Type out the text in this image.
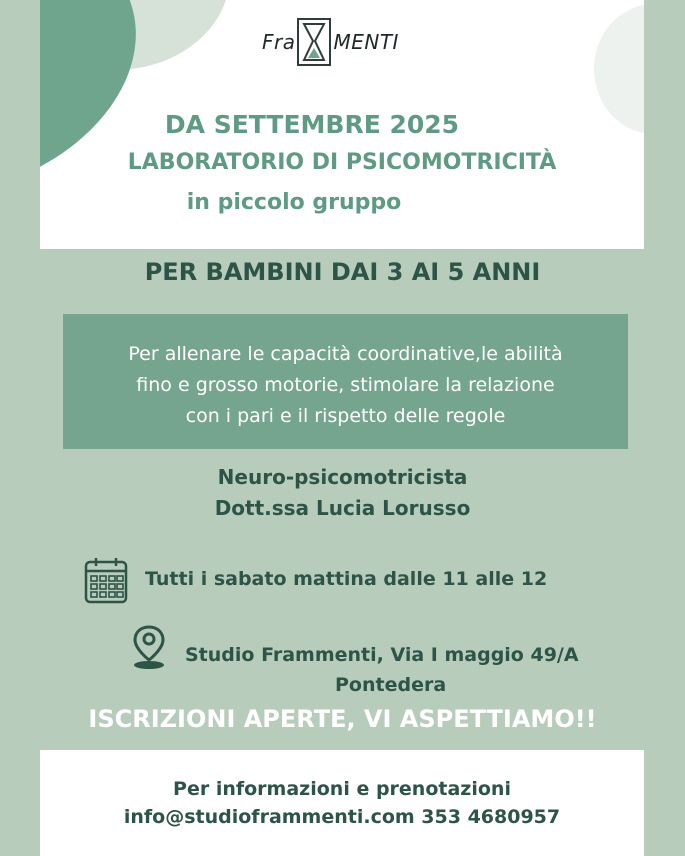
Fra MENTI

DA SETTEMBRE 2025

LABORATORIO DI PSICOMOTRICITÀ

in piccolo gruppo

PER BAMBINI DAI 3 AI 5 ANNI

Per allenare le capacità coordinative,le abilità
fino e grosso motorie, stimolare la relazione
con i pari e il rispetto delle regole
Neuro-psicomotricista
Dott.ssa Lucia Lorusso
Tutti i sabato mattina dalle 11 alle 12
Studio Frammenti, Via I maggio 49/A
Pontedera

ISCRIZIONI APERTE, VI ASPETTIAMO!!

Per informazioni e prenotazioni
info@studioframmenti.com 353 4680957
